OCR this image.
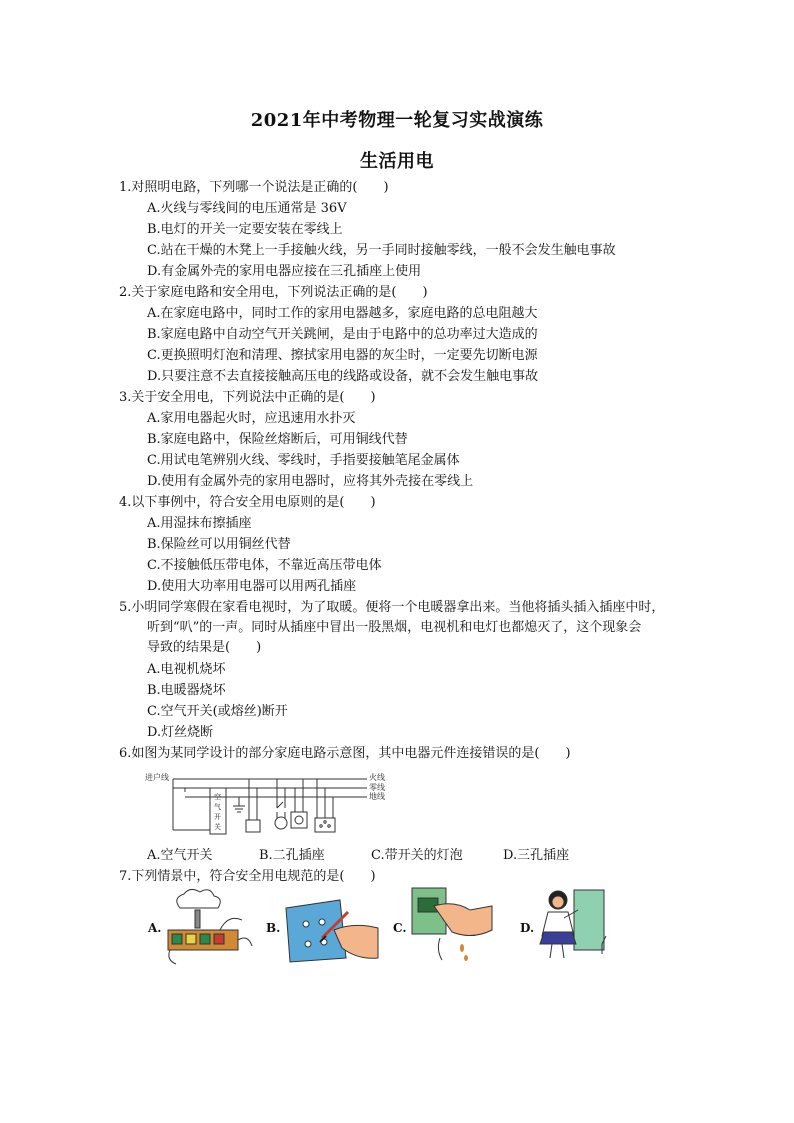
2021年中考物理一轮复习实战演练
生活用电
1.对照明电路，下列哪一个说法是正确的(　　)
A.火线与零线间的电压通常是 36V
B.电灯的开关一定要安装在零线上
C.站在干燥的木凳上一手接触火线，另一手同时接触零线，一般不会发生触电事故
D.有金属外壳的家用电器应接在三孔插座上使用
2.关于家庭电路和安全用电，下列说法正确的是(　　)
A.在家庭电路中，同时工作的家用电器越多，家庭电路的总电阻越大
B.家庭电路中自动空气开关跳闸，是由于电路中的总功率过大造成的
C.更换照明灯泡和清理、擦拭家用电器的灰尘时，一定要先切断电源
D.只要注意不去直接接触高压电的线路或设备，就不会发生触电事故
3.关于安全用电，下列说法中正确的是(　　)
A.家用电器起火时，应迅速用水扑灭
B.家庭电路中，保险丝熔断后，可用铜线代替
C.用试电笔辨别火线、零线时，手指要接触笔尾金属体
D.使用有金属外壳的家用电器时，应将其外壳接在零线上
4.以下事例中，符合安全用电原则的是(　　)
A.用湿抹布擦插座
B.保险丝可以用铜丝代替
C.不接触低压带电体，不靠近高压带电体
D.使用大功率用电器可以用两孔插座
5.小明同学寒假在家看电视时，为了取暖。便将一个电暖器拿出来。当他将插头插入插座中时，
听到“叭”的一声。同时从插座中冒出一股黑烟，电视机和电灯也都熄灭了，这个现象会
导致的结果是(　　)
A.电视机烧坏
B.电暖器烧坏
C.空气开关(或熔丝)断开
D.灯丝烧断
6.如图为某同学设计的部分家庭电路示意图，其中电器元件连接错误的是(　　)
进户线	火线
零线
地线
空
气
开
关
A.空气开关	B.二孔插座	C.带开关的灯泡	D.三孔插座
7.下列情景中，符合安全用电规范的是(　　)
A.	B.	C.	D.
